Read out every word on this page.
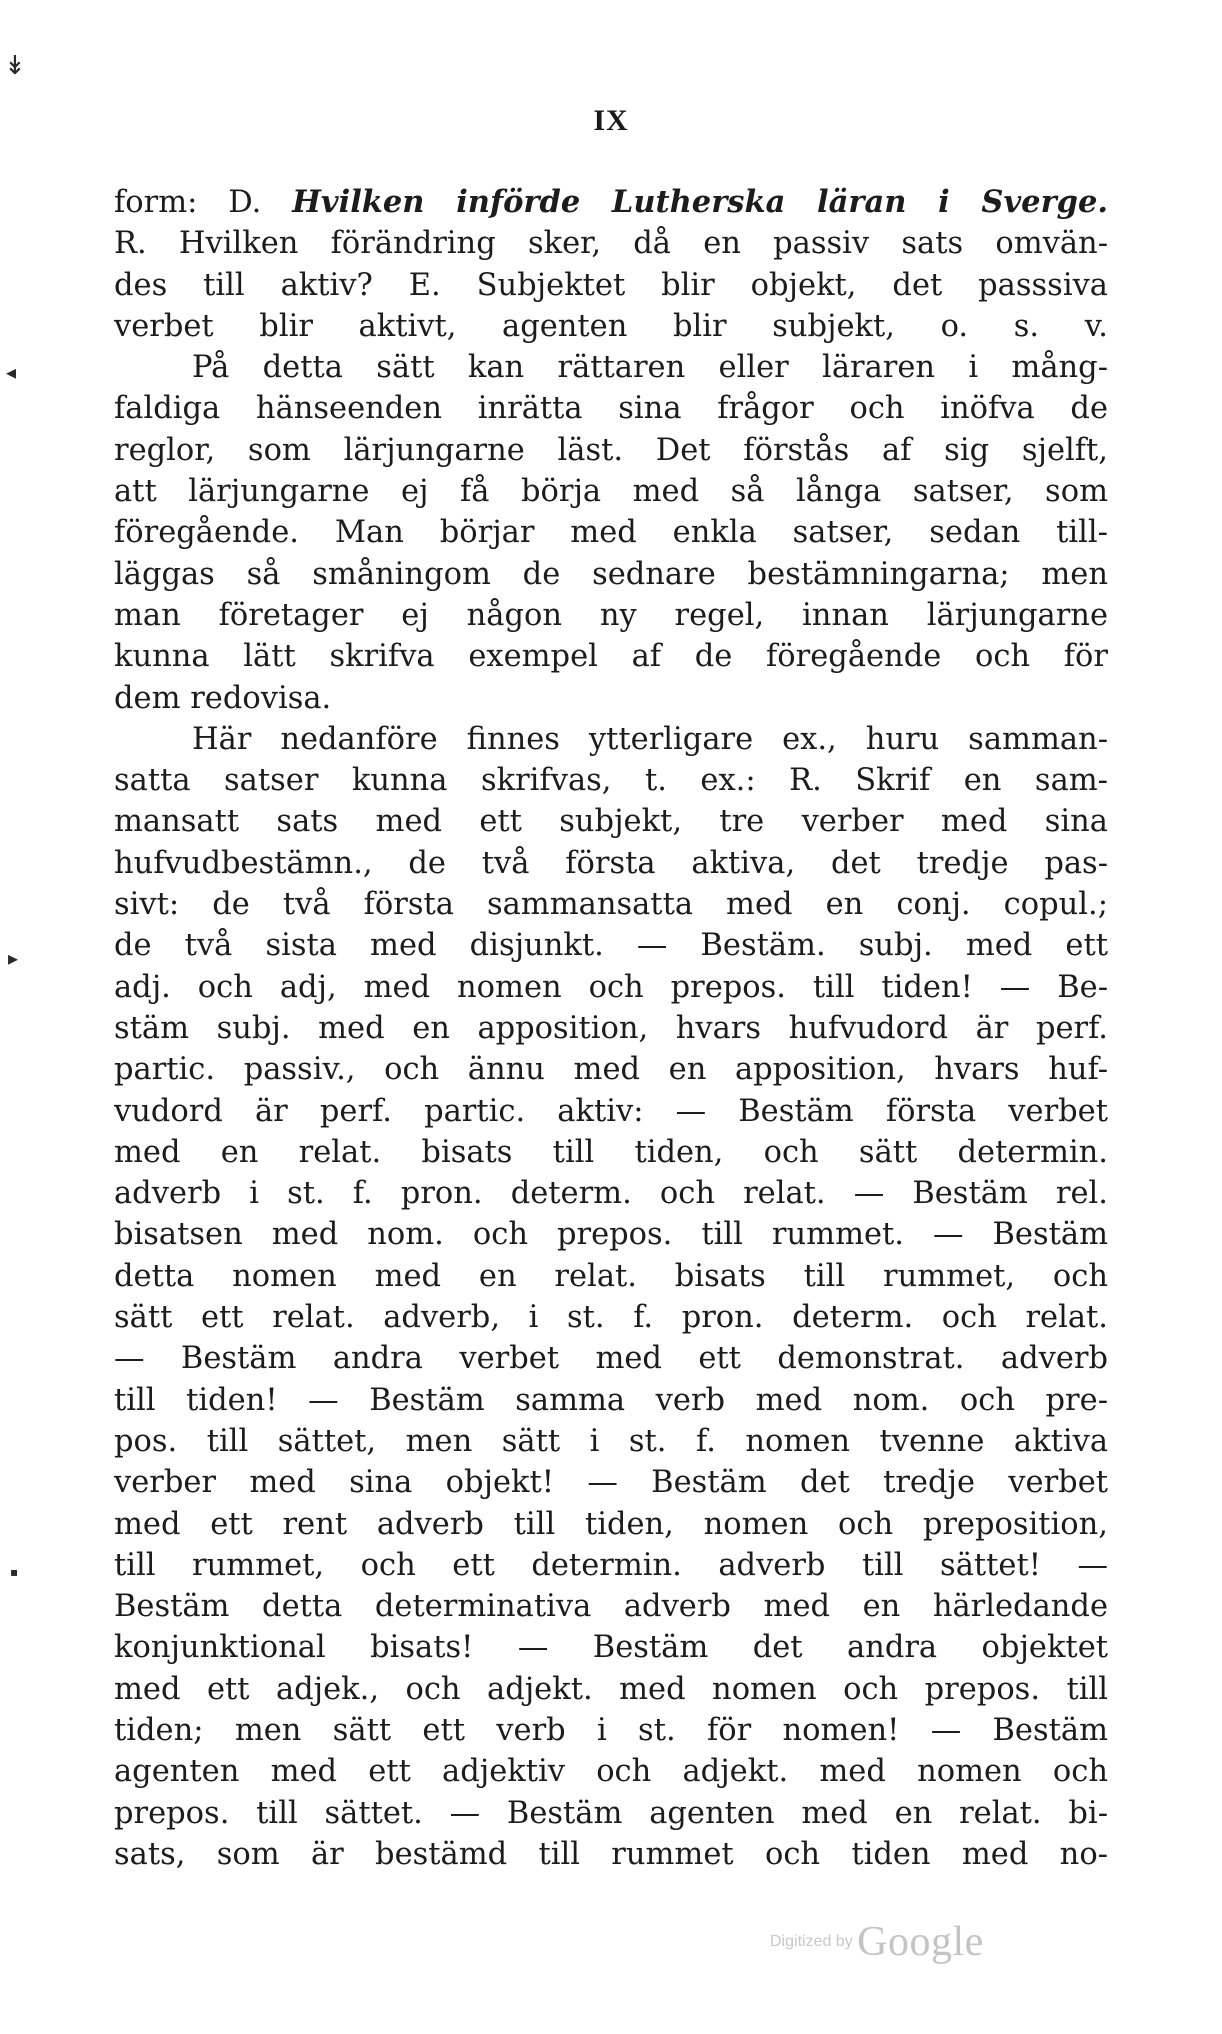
↡
◂
▸
▪
IX
form: D. Hvilken införde Lutherska läran i Sverge.
R. Hvilken förändring sker, då en passiv sats omvän-
des till aktiv? E. Subjektet blir objekt, det passsiva
verbet blir aktivt, agenten blir subjekt, o. s. v.
På detta sätt kan rättaren eller läraren i mång-
faldiga hänseenden inrätta sina frågor och inöfva de
reglor, som lärjungarne läst. Det förstås af sig sjelft,
att lärjungarne ej få börja med så långa satser, som
föregående. Man börjar med enkla satser, sedan till-
läggas så småningom de sednare bestämningarna; men
man företager ej någon ny regel, innan lärjungarne
kunna lätt skrifva exempel af de föregående och för
dem redovisa.
Här nedanföre finnes ytterligare ex., huru samman-
satta satser kunna skrifvas, t. ex.: R. Skrif en sam-
mansatt sats med ett subjekt, tre verber med sina
hufvudbestämn., de två första aktiva, det tredje pas-
sivt: de två första sammansatta med en conj. copul.;
de två sista med disjunkt. — Bestäm. subj. med ett
adj. och adj, med nomen och prepos. till tiden! — Be-
stäm subj. med en apposition, hvars hufvudord är perf.
partic. passiv., och ännu med en apposition, hvars huf-
vudord är perf. partic. aktiv: — Bestäm första verbet
med en relat. bisats till tiden, och sätt determin.
adverb i st. f. pron. determ. och relat. — Bestäm rel.
bisatsen med nom. och prepos. till rummet. — Bestäm
detta nomen med en relat. bisats till rummet, och
sätt ett relat. adverb, i st. f. pron. determ. och relat.
— Bestäm andra verbet med ett demonstrat. adverb
till tiden! — Bestäm samma verb med nom. och pre-
pos. till sättet, men sätt i st. f. nomen tvenne aktiva
verber med sina objekt! — Bestäm det tredje verbet
med ett rent adverb till tiden, nomen och preposition,
till rummet, och ett determin. adverb till sättet! —
Bestäm detta determinativa adverb med en härledande
konjunktional bisats! — Bestäm det andra objektet
med ett adjek., och adjekt. med nomen och prepos. till
tiden; men sätt ett verb i st. för nomen! — Bestäm
agenten med ett adjektiv och adjekt. med nomen och
prepos. till sättet. — Bestäm agenten med en relat. bi-
sats, som är bestämd till rummet och tiden med no-
Digitized by Google
